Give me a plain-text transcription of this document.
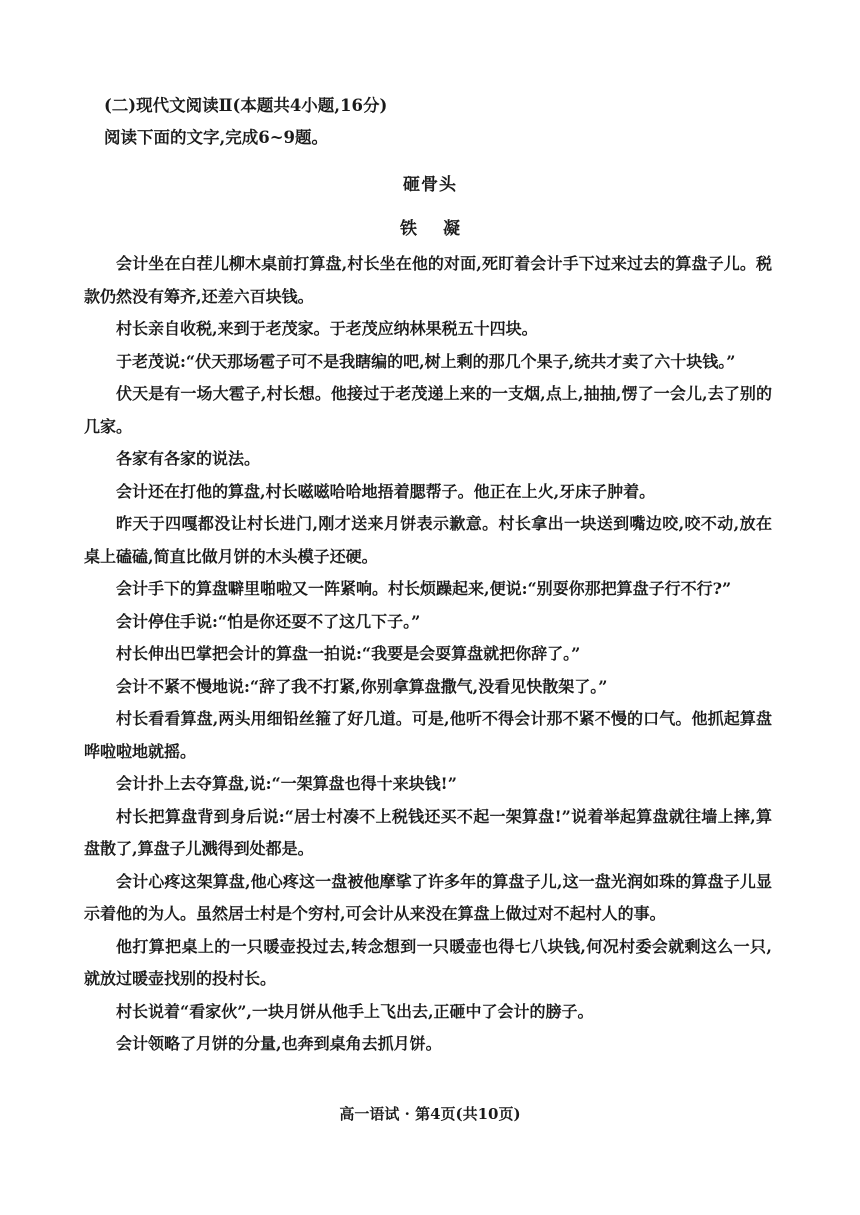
(二)现代文阅读Ⅱ(本题共4小题,16分)
阅读下面的文字,完成6~9题。
砸骨头
铁 凝

会计坐在白茬儿柳木桌前打算盘,村长坐在他的对面,死盯着会计手下过来过去的算盘子儿。税款仍然没有筹齐,还差六百块钱。

村长亲自收税,来到于老茂家。于老茂应纳林果税五十四块。

于老茂说:“伏天那场雹子可不是我瞎编的吧,树上剩的那几个果子,统共才卖了六十块钱。”

伏天是有一场大雹子,村长想。他接过于老茂递上来的一支烟,点上,抽抽,愣了一会儿,去了别的几家。

各家有各家的说法。

会计还在打他的算盘,村长嗞嗞哈哈地捂着腮帮子。他正在上火,牙床子肿着。

昨天于四嘎都没让村长进门,刚才送来月饼表示歉意。村长拿出一块送到嘴边咬,咬不动,放在桌上磕磕,简直比做月饼的木头模子还硬。

会计手下的算盘噼里啪啦又一阵紧响。村长烦躁起来,便说:“别耍你那把算盘子行不行?”

会计停住手说:“怕是你还耍不了这几下子。”

村长伸出巴掌把会计的算盘一拍说:“我要是会耍算盘就把你辞了。”

会计不紧不慢地说:“辞了我不打紧,你别拿算盘撒气,没看见快散架了。”

村长看看算盘,两头用细铅丝箍了好几道。可是,他听不得会计那不紧不慢的口气。他抓起算盘哗啦啦地就摇。

会计扑上去夺算盘,说:“一架算盘也得十来块钱!”

村长把算盘背到身后说:“居士村凑不上税钱还买不起一架算盘!”说着举起算盘就往墙上摔,算盘散了,算盘子儿溅得到处都是。

会计心疼这架算盘,他心疼这一盘被他摩挲了许多年的算盘子儿,这一盘光润如珠的算盘子儿显示着他的为人。虽然居士村是个穷村,可会计从来没在算盘上做过对不起村人的事。

他打算把桌上的一只暖壶投过去,转念想到一只暖壶也得七八块钱,何况村委会就剩这么一只,就放过暖壶找别的投村长。

村长说着“看家伙”,一块月饼从他手上飞出去,正砸中了会计的膀子。

会计领略了月饼的分量,也奔到桌角去抓月饼。

高一语试 · 第4页(共10页)
